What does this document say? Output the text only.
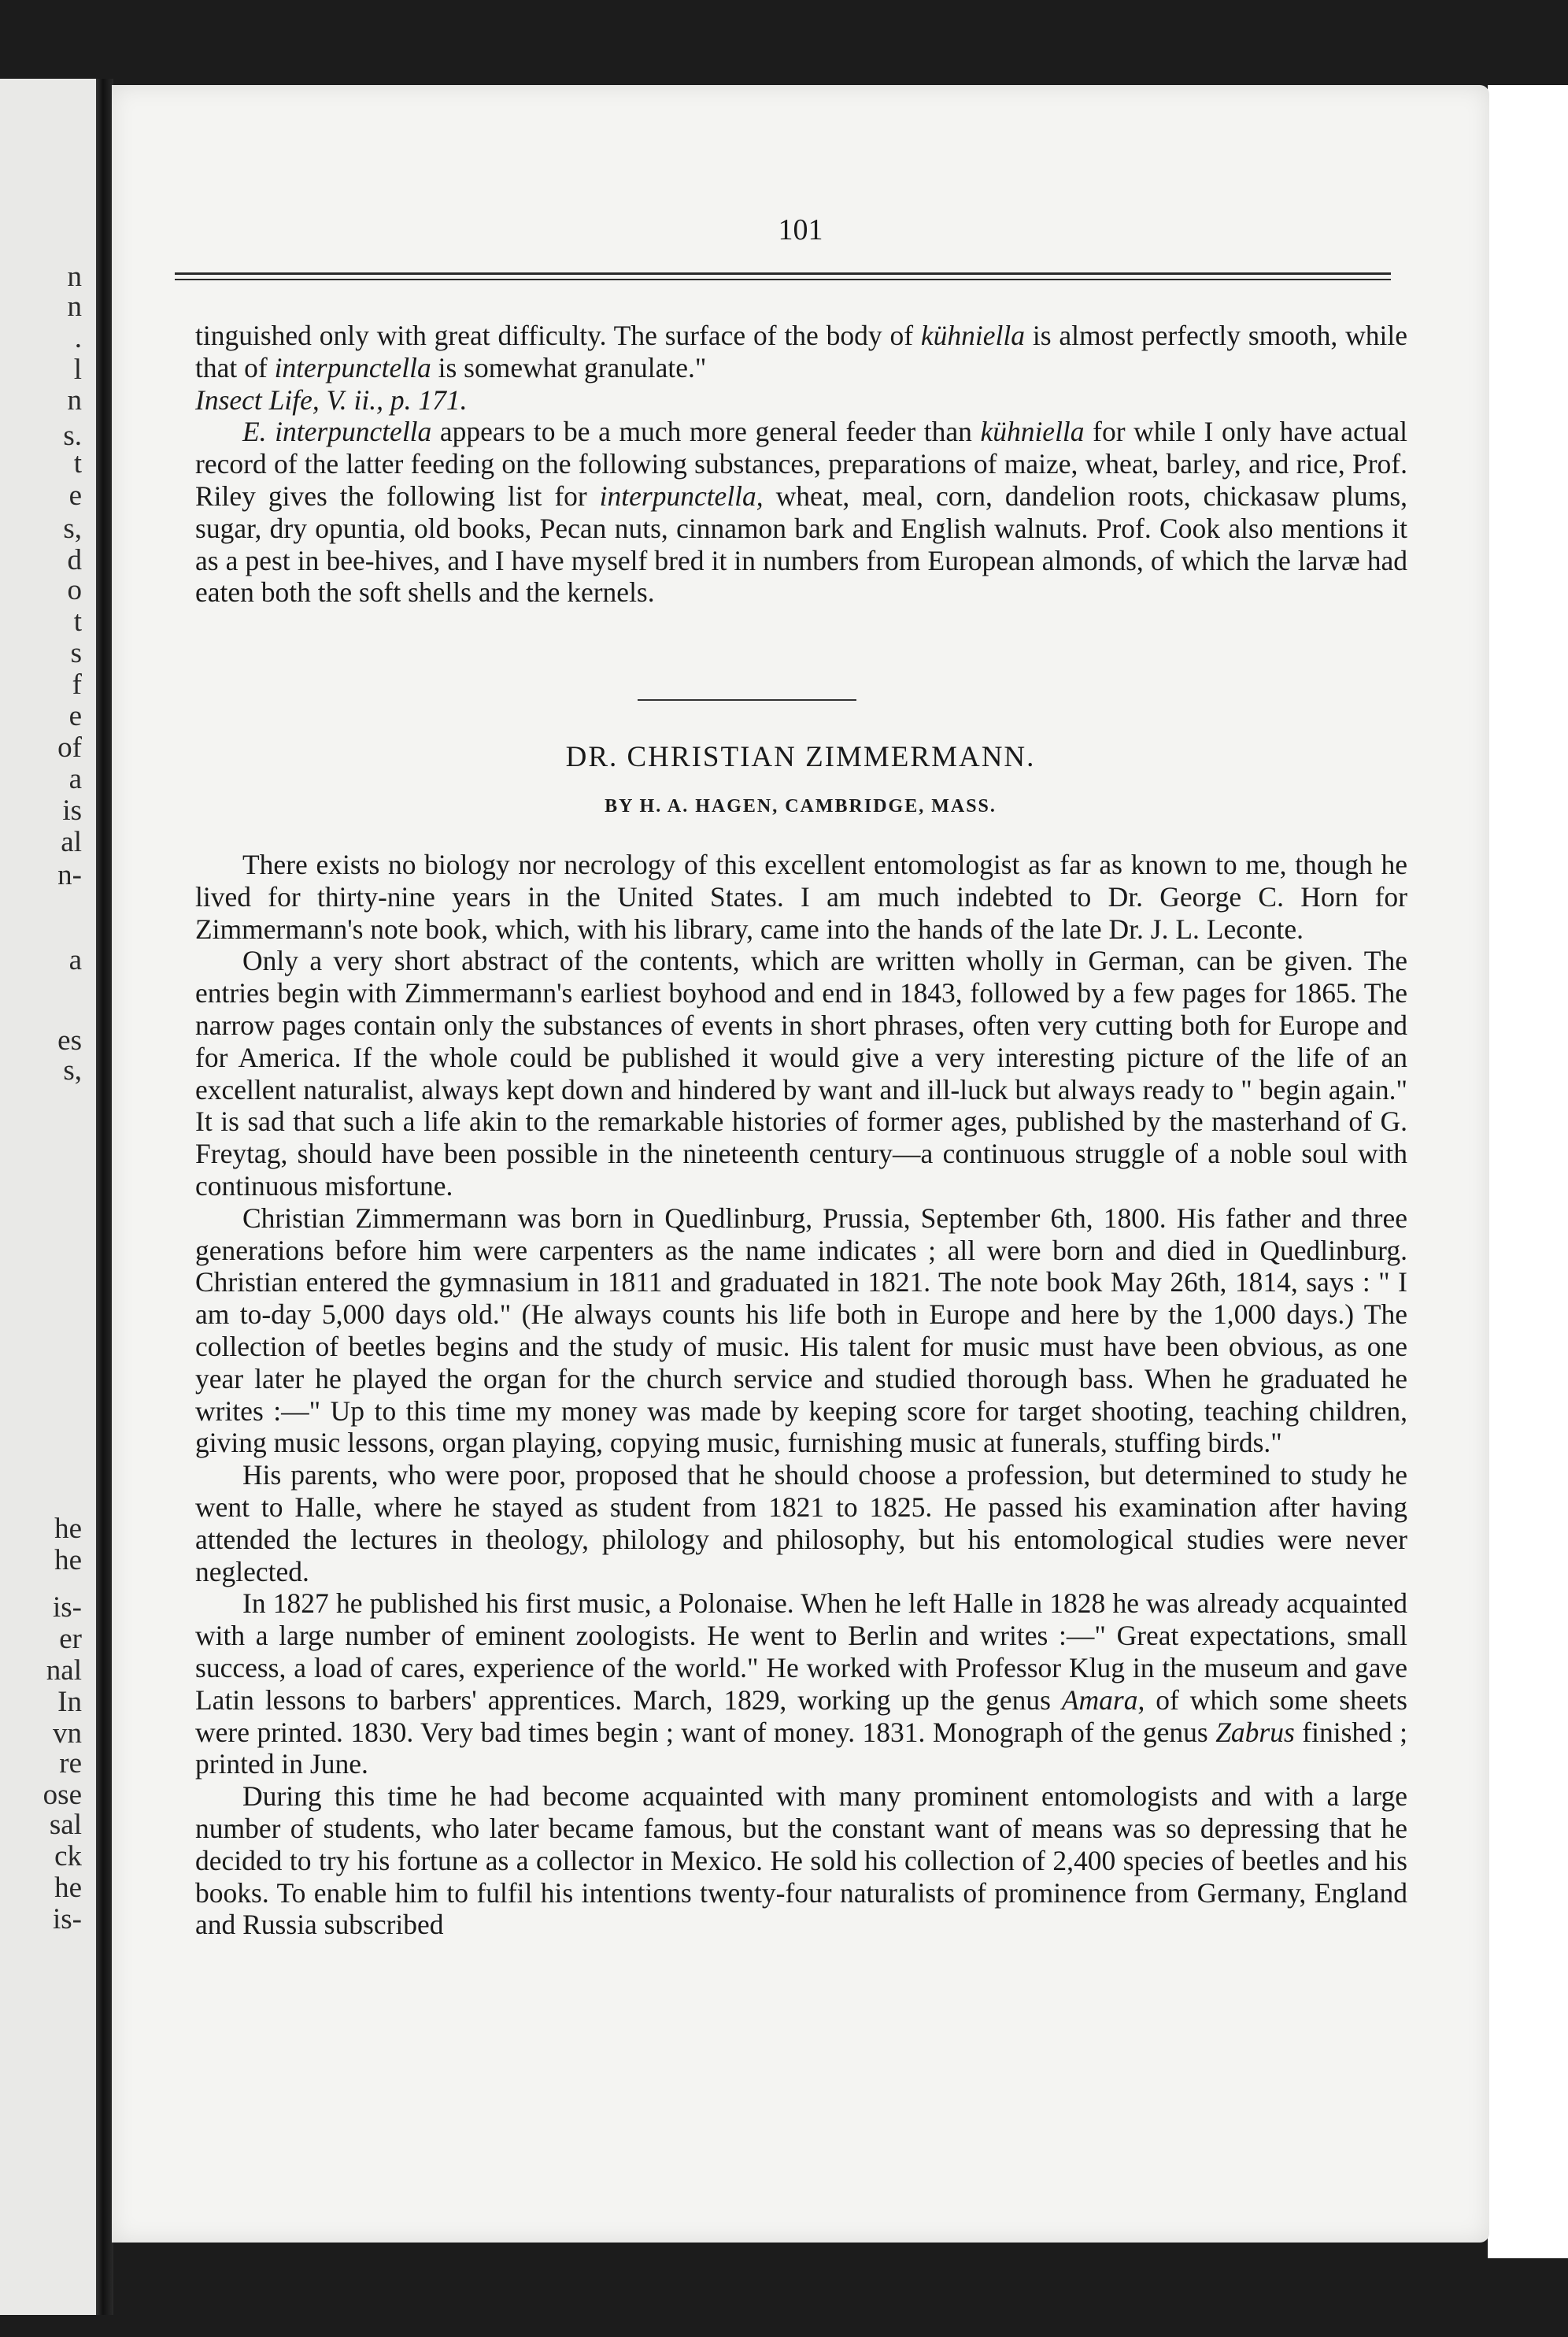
n
n
.
l
n
s.
t
e
s,
d
o
t
s
f
e
of
a
is
al
n-
a
es
s,
he
he
is-
er
nal
In
vn
re
ose
sal
ck
he
is-
101

tinguished only with great difficulty. The surface of the body of kühniella is almost perfectly smooth, while that of interpunctella is somewhat granulate."
Insect Life, V. ii., p. 171.

E. interpunctella appears to be a much more general feeder than kühniella for while I only have actual record of the latter feeding on the following substances, preparations of maize, wheat, barley, and rice, Prof. Riley gives the following list for interpunctella, wheat, meal, corn, dandelion roots, chickasaw plums, sugar, dry opuntia, old books, Pecan nuts, cinnamon bark and English walnuts. Prof. Cook also mentions it as a pest in bee-hives, and I have myself bred it in numbers from European almonds, of which the larvæ had eaten both the soft shells and the kernels.

DR. CHRISTIAN ZIMMERMANN.
BY H. A. HAGEN, CAMBRIDGE, MASS.

There exists no biology nor necrology of this excellent entomologist as far as known to me, though he lived for thirty-nine years in the United States. I am much indebted to Dr. George C. Horn for Zimmermann's note book, which, with his library, came into the hands of the late Dr. J. L. Leconte.

Only a very short abstract of the contents, which are written wholly in German, can be given. The entries begin with Zimmermann's earliest boyhood and end in 1843, followed by a few pages for 1865. The narrow pages contain only the substances of events in short phrases, often very cutting both for Europe and for America. If the whole could be published it would give a very interesting picture of the life of an excellent naturalist, always kept down and hindered by want and ill-luck but always ready to " begin again." It is sad that such a life akin to the remarkable histories of former ages, published by the masterhand of G. Freytag, should have been possible in the nineteenth century—a continuous struggle of a noble soul with continuous misfortune.

Christian Zimmermann was born in Quedlinburg, Prussia, September 6th, 1800. His father and three generations before him were carpenters as the name indicates ; all were born and died in Quedlinburg. Christian entered the gymnasium in 1811 and graduated in 1821. The note book May 26th, 1814, says : " I am to-day 5,000 days old." (He always counts his life both in Europe and here by the 1,000 days.) The collection of beetles begins and the study of music. His talent for music must have been obvious, as one year later he played the organ for the church service and studied thorough bass. When he graduated he writes :—" Up to this time my money was made by keeping score for target shooting, teaching children, giving music lessons, organ playing, copying music, furnishing music at funerals, stuffing birds."

His parents, who were poor, proposed that he should choose a profession, but determined to study he went to Halle, where he stayed as student from 1821 to 1825. He passed his examination after having attended the lectures in theology, philology and philosophy, but his entomological studies were never neglected.

In 1827 he published his first music, a Polonaise. When he left Halle in 1828 he was already acquainted with a large number of eminent zoologists. He went to Berlin and writes :—" Great expectations, small success, a load of cares, experience of the world." He worked with Professor Klug in the museum and gave Latin lessons to barbers' apprentices. March, 1829, working up the genus Amara, of which some sheets were printed. 1830. Very bad times begin ; want of money. 1831. Monograph of the genus Zabrus finished ; printed in June.

During this time he had become acquainted with many prominent entomologists and with a large number of students, who later became famous, but the constant want of means was so depressing that he decided to try his fortune as a collector in Mexico. He sold his collection of 2,400 species of beetles and his books. To enable him to fulfil his intentions twenty-four naturalists of prominence from Germany, England and Russia subscribed
